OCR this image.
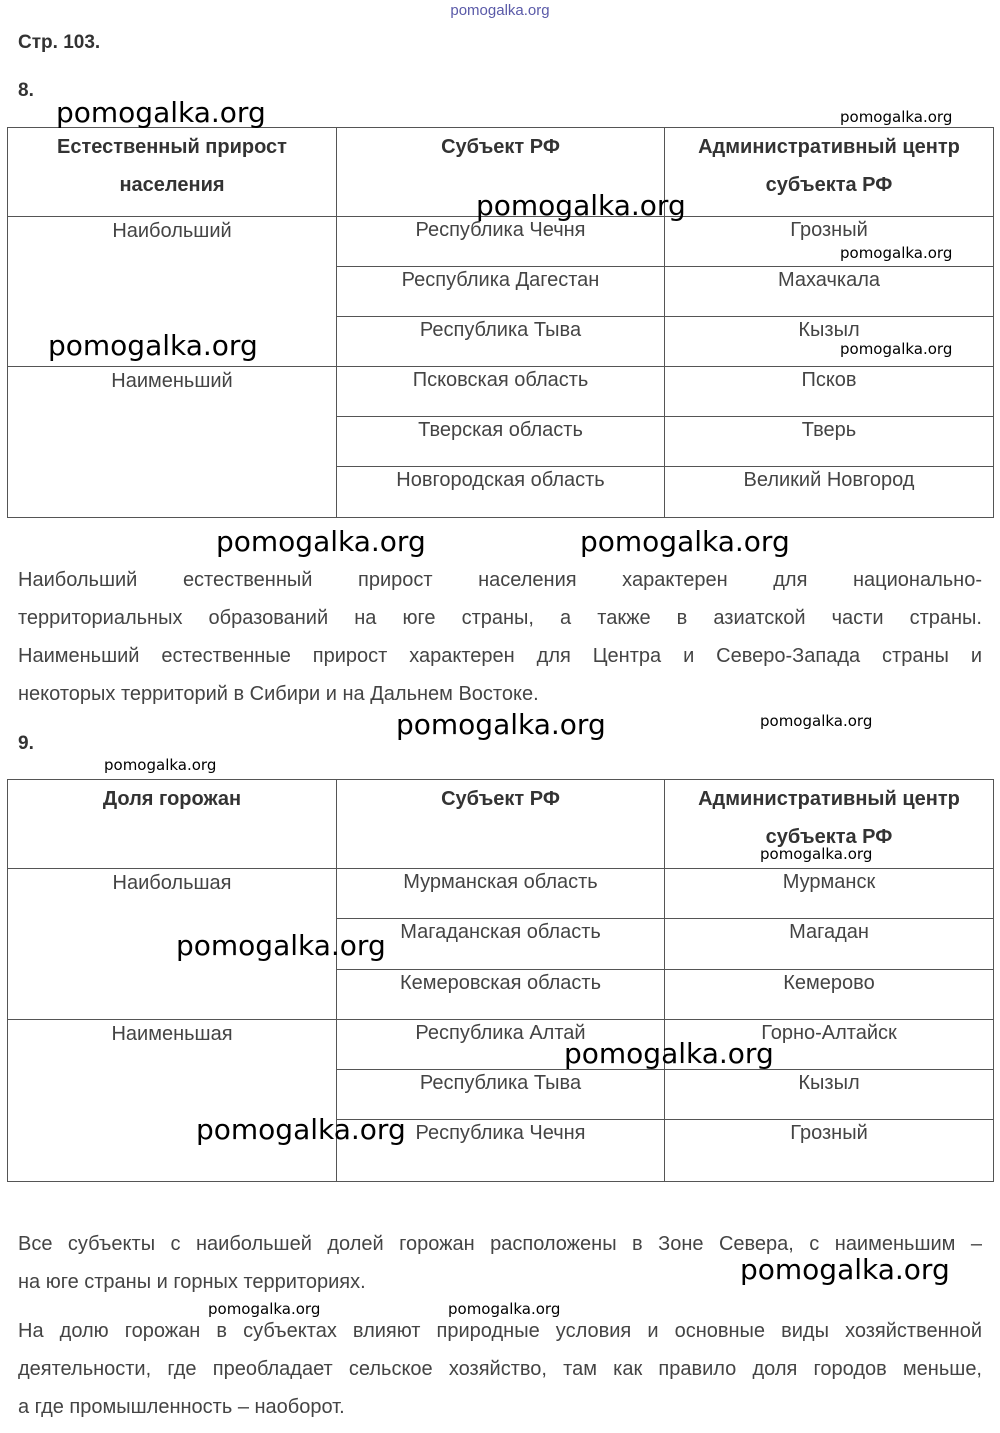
pomogalka.org
Стр. 103.
8.
Естественный прирост населения	Субъект РФ	Административный центр субъекта РФ
Наибольший	Республика Чечня	Грозный
	Республика Дагестан	Махачкала
	Республика Тыва	Кызыл
Наименьший	Псковская область	Псков
	Тверская область	Тверь
	Новгородская область	Великий Новгород
Наибольший естественный прирост населения характерен для национально-
территориальных образований на юге страны, а также в азиатской части страны.
Наименьший естественные прирост характерен для Центра и Северо-Запада страны и
некоторых территорий в Сибири и на Дальнем Востоке.
9.
Доля горожан	Субъект РФ	Административный центр субъекта РФ
Наибольшая	Мурманская область	Мурманск
	Магаданская область	Магадан
	Кемеровская область	Кемерово
Наименьшая	Республика Алтай	Горно-Алтайск
	Республика Тыва	Кызыл
	Республика Чечня	Грозный
Все субъекты с наибольшей долей горожан расположены в Зоне Севера, с наименьшим –
на юге страны и горных территориях.
На долю горожан в субъектах влияют природные условия и основные виды хозяйственной
деятельности, где преобладает сельское хозяйство, там как правило доля городов меньше,
а где промышленность – наоборот.
pomogalka.org	pomogalka.org
pomogalka.org
pomogalka.org
pomogalka.org	pomogalka.org
pomogalka.org	pomogalka.org
pomogalka.org	pomogalka.org
pomogalka.org
pomogalka.org
pomogalka.org
pomogalka.org
pomogalka.org
pomogalka.org
pomogalka.org	pomogalka.org
